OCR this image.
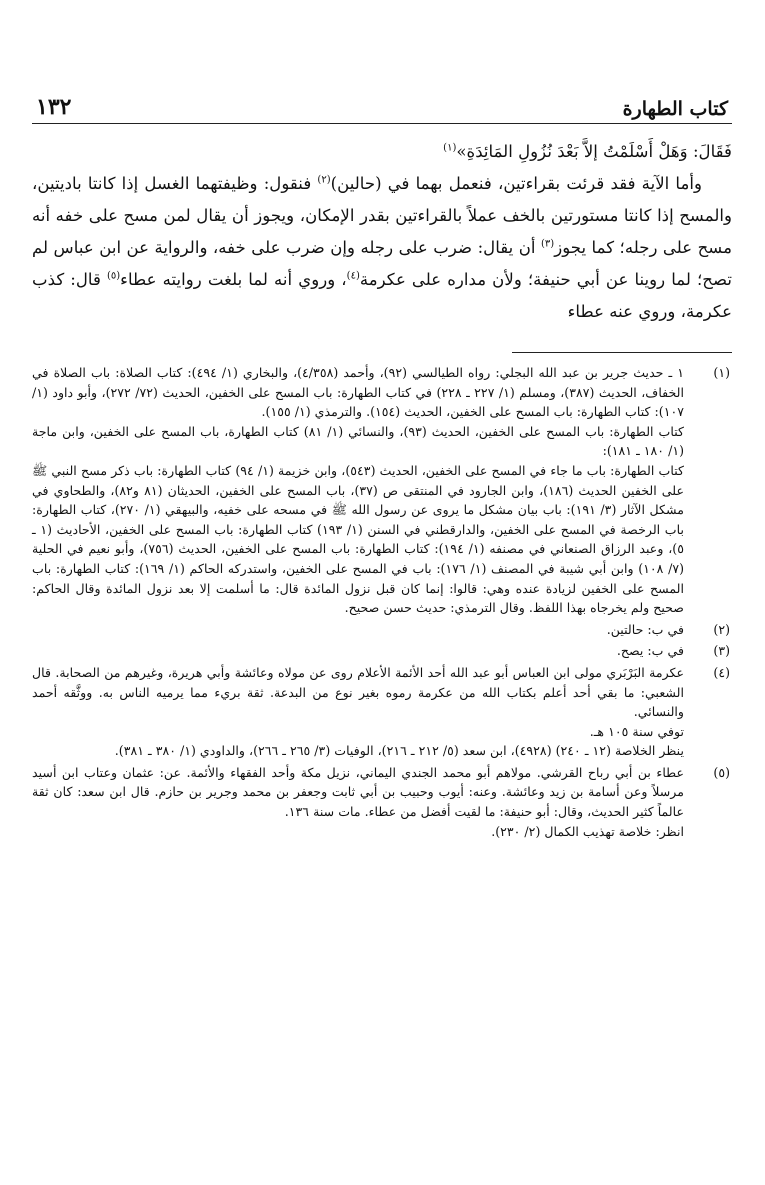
كتاب الطهارة
١٣٢

فَقَالَ: وَهَلْ أَسْلَمْتُ إلاَّ بَعْدَ نُزُولِ المَائِدَةِ»$^{(١)}$

وأما الآية فقد قرئت بقراءتين، فنعمل بهما في (حالين)$^{(٢)}$ فنقول: وظيفتهما الغسل إذا كانتا باديتين، والمسح إذا كانتا مستورتين بالخف عملاً بالقراءتين بقدر الإمكان، ويجوز أن يقال لمن مسح على خفه أنه مسح على رجله؛ كما يجوز$^{(٣)}$ أن يقال: ضرب على رجله وإن ضرب على خفه، والرواية عن ابن عباس لم تصح؛ لما روينا عن أبي حنيفة؛ ولأن مداره على عكرمة$^{(٤)}$، وروي أنه لما بلغت روايته عطاء$^{(٥)}$ قال: كذب عكرمة، وروي عنه عطاء

(١)

١ ـ حديث جرير بن عبد الله البجلي: رواه الطيالسي (٩٢)، وأحمد (٤/٣٥٨)، والبخاري (١/ ٤٩٤): كتاب الصلاة: باب الصلاة في الخفاف، الحديث (٣٨٧)، ومسلم (١/ ٢٢٧ ـ ٢٢٨) في كتاب الطهارة: باب المسح على الخفين، الحديث (٧٢/ ٢٧٢)، وأبو داود (١/ ١٠٧): كتاب الطهارة: باب المسح على الخفين، الحديث (١٥٤). والترمذي (١/ ١٥٥).

كتاب الطهارة: باب المسح على الخفين، الحديث (٩٣)، والنسائي (١/ ٨١) كتاب الطهارة، باب المسح على الخفين، وابن ماجة (١/ ١٨٠ ـ ١٨١):

كتاب الطهارة: باب ما جاء في المسح على الخفين، الحديث (٥٤٣)، وابن خزيمة (١/ ٩٤) كتاب الطهارة: باب ذكر مسح النبي ﷺ على الخفين الحديث (١٨٦)، وابن الجارود في المنتقى ص (٣٧)، باب المسح على الخفين، الحديثان (٨١ و٨٢)، والطحاوي في مشكل الآثار (٣/ ١٩١): باب بيان مشكل ما يروى عن رسول الله ﷺ في مسحه على خفيه، والبيهقي (١/ ٢٧٠)، كتاب الطهارة: باب الرخصة في المسح على الخفين، والدارقطني في السنن (١/ ١٩٣) كتاب الطهارة: باب المسح على الخفين، الأحاديث (١ ـ ٥)، وعبد الرزاق الصنعاني في مصنفه (١/ ١٩٤): كتاب الطهارة: باب المسح على الخفين، الحديث (٧٥٦)، وأبو نعيم في الحلية (٧/ ١٠٨) وابن أبي شيبة في المصنف (١/ ١٧٦): باب في المسح على الخفين، واستدركه الحاكم (١/ ١٦٩): كتاب الطهارة: باب المسح على الخفين لزيادة عنده وهي: قالوا: إنما كان قبل نزول المائدة قال: ما أسلمت إلا بعد نزول المائدة وقال الحاكم: صحيح ولم يخرجاه بهذا اللفظ. وقال الترمذي: حديث حسن صحيح.

(٢)

في ب: حالتين.

(٣)

في ب: يصح.

(٤)

عكرمة البَرْبَري مولى ابن العباس أبو عبد الله أحد الأئمة الأعلام روى عن مولاه وعائشة وأبي هريرة، وغيرهم من الصحابة. قال الشعبي: ما بقي أحد أعلم بكتاب الله من عكرمة رموه بغير نوع من البدعة. ثقة بريء مما يرميه الناس به. ووثَّقه أحمد والنسائي.

توفي سنة ١٠٥ هـ.

ينظر الخلاصة (١٢ ـ ٢٤٠) (٤٩٢٨)، ابن سعد (٥/ ٢١٢ ـ ٢١٦)، الوفيات (٣/ ٢٦٥ ـ ٢٦٦)، والداودي (١/ ٣٨٠ ـ ٣٨١).

(٥)

عطاء بن أبي رباح القرشي. مولاهم أبو محمد الجندي اليماني، نزيل مكة وأحد الفقهاء والأئمة. عن: عثمان وعتاب ابن أسيد مرسلاً وعن أسامة بن زيد وعائشة. وعنه: أيوب وحبيب بن أبي ثابت وجعفر بن محمد وجرير بن حازم. قال ابن سعد: كان ثقة عالماً كثير الحديث، وقال: أبو حنيفة: ما لقيت أفضل من عطاء. مات سنة ١٣٦.

انظر: خلاصة تهذيب الكمال (٢/ ٢٣٠).
